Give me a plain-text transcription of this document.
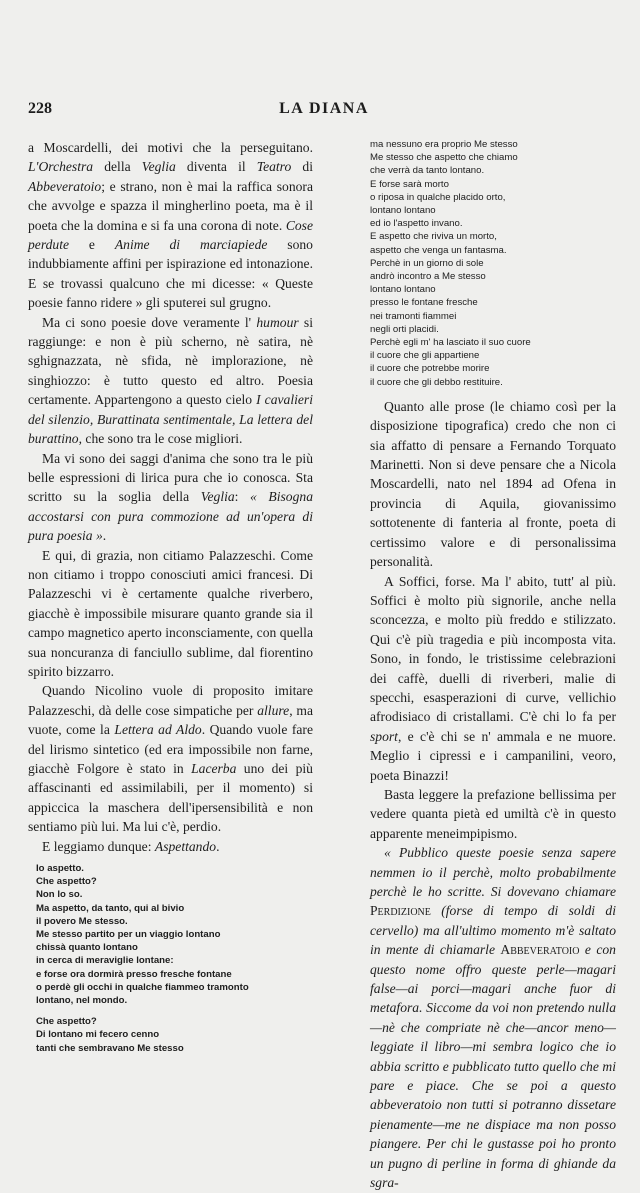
228	LA DIANA

a Moscardelli, dei motivi che la perseguitano. L'Orchestra della Veglia diventa il Teatro di Abbeveratoio; e strano, non è mai la raffica sonora che avvolge e spazza il mingherlino poeta, ma è il poeta che la domina e si fa una corona di note. Cose perdute e Anime di marciapiede sono indubbiamente affini per ispirazione ed intonazione. E se trovassi qualcuno che mi dicesse: « Queste poesie fanno ridere » gli sputerei sul grugno.

Ma ci sono poesie dove veramente l' humour si raggiunge: e non è più scherno, nè satira, nè sghignazzata, nè sfida, nè implorazione, nè singhiozzo: è tutto questo ed altro. Poesia certamente. Appartengono a questo cielo I cavalieri del silenzio, Burattinata sentimentale, La lettera del burattino, che sono tra le cose migliori.

Ma vi sono dei saggi d'anima che sono tra le più belle espressioni di lirica pura che io conosca. Sta scritto su la soglia della Veglia: « Bisogna accostarsi con pura commozione ad un'opera di pura poesia ».

E qui, di grazia, non citiamo Palazzeschi. Come non citiamo i troppo conosciuti amici francesi. Di Palazzeschi vi è certamente qualche riverbero, giacchè è impossibile misurare quanto grande sia il campo magnetico aperto inconsciamente, con quella sua noncuranza di fanciullo sublime, dal fiorentino spirito bizzarro.

Quando Nicolino vuole di proposito imitare Palazzeschi, dà delle cose simpatiche per allure, ma vuote, come la Lettera ad Aldo. Quando vuole fare del lirismo sintetico (ed era impossibile non farne, giacchè Folgore è stato in Lacerba uno dei più affascinanti ed assimilabili, per il momento) si appiccica la maschera dell'ipersensibilità e non sentiamo più lui. Ma lui c'è, perdio.

E leggiamo dunque: Aspettando.

Io aspetto.
Che aspetto?
Non lo so.
Ma aspetto, da tanto, qui al bivio
il povero Me stesso.
Me stesso partito per un viaggio lontano
chissà quanto lontano
in cerca di meraviglie lontane:
e forse ora dormirà presso fresche fontane
o perdè gli occhi in qualche fiammeo tramonto
lontano, nel mondo.
Che aspetto?
Di lontano mi fecero cenno
tanti che sembravano Me stesso
ma nessuno era proprio Me stesso
Me stesso che aspetto che chiamo
che verrà da tanto lontano.
E forse sarà morto
o riposa in qualche placido orto,
lontano lontano
ed io l'aspetto invano.
E aspetto che riviva un morto,
aspetto che venga un fantasma.
Perchè in un giorno di sole
andrò incontro a Me stesso
lontano lontano
presso le fontane fresche
nei tramonti fiammei
negli orti placidi.
Perchè egli m' ha lasciato il suo cuore
il cuore che gli appartiene
il cuore che potrebbe morire
il cuore che gli debbo restituire.

Quanto alle prose (le chiamo così per la disposizione tipografica) credo che non ci sia affatto di pensare a Fernando Torquato Marinetti. Non si deve pensare che a Nicola Moscardelli, nato nel 1894 ad Ofena in provincia di Aquila, giovanissimo sottotenente di fanteria al fronte, poeta di certissimo valore e di personalissima personalità.

A Soffici, forse. Ma l' abito, tutt' al più. Soffici è molto più signorile, anche nella sconcezza, e molto più freddo e stilizzato. Qui c'è più tragedia e più incomposta vita. Sono, in fondo, le tristissime celebrazioni dei caffè, duelli di riverberi, malie di specchi, esasperazioni di curve, vellichio afrodisiaco di cristallami. C'è chi lo fa per sport, e c'è chi se n' ammala e ne muore. Meglio i cipressi e i campanilini, veoro, poeta Binazzi!

Basta leggere la prefazione bellissima per vedere quanta pietà ed umiltà c'è in questo apparente meneimpipismo.

« Pubblico queste poesie senza sapere nemmen io il perchè, molto probabilmente perchè le ho scritte. Si dovevano chiamare Perdizione (forse di tempo di soldi di cervello) ma all'ultimo momento m'è saltato in mente di chiamarle Abbeveratoio e con questo nome offro queste perle—magari false—ai porci—magari anche fuor di metafora. Siccome da voi non pretendo nulla—nè che compriate nè che—ancor meno—leggiate il libro—mi sembra logico che io abbia scritto e pubblicato tutto quello che mi pare e piace. Che se poi a questo abbeveratoio non tutti si potranno dissetare pienamente—me ne dispiace ma non posso piangere. Per chi le gustasse poi ho pronto un pugno di perline in forma di ghiande da sgra-
